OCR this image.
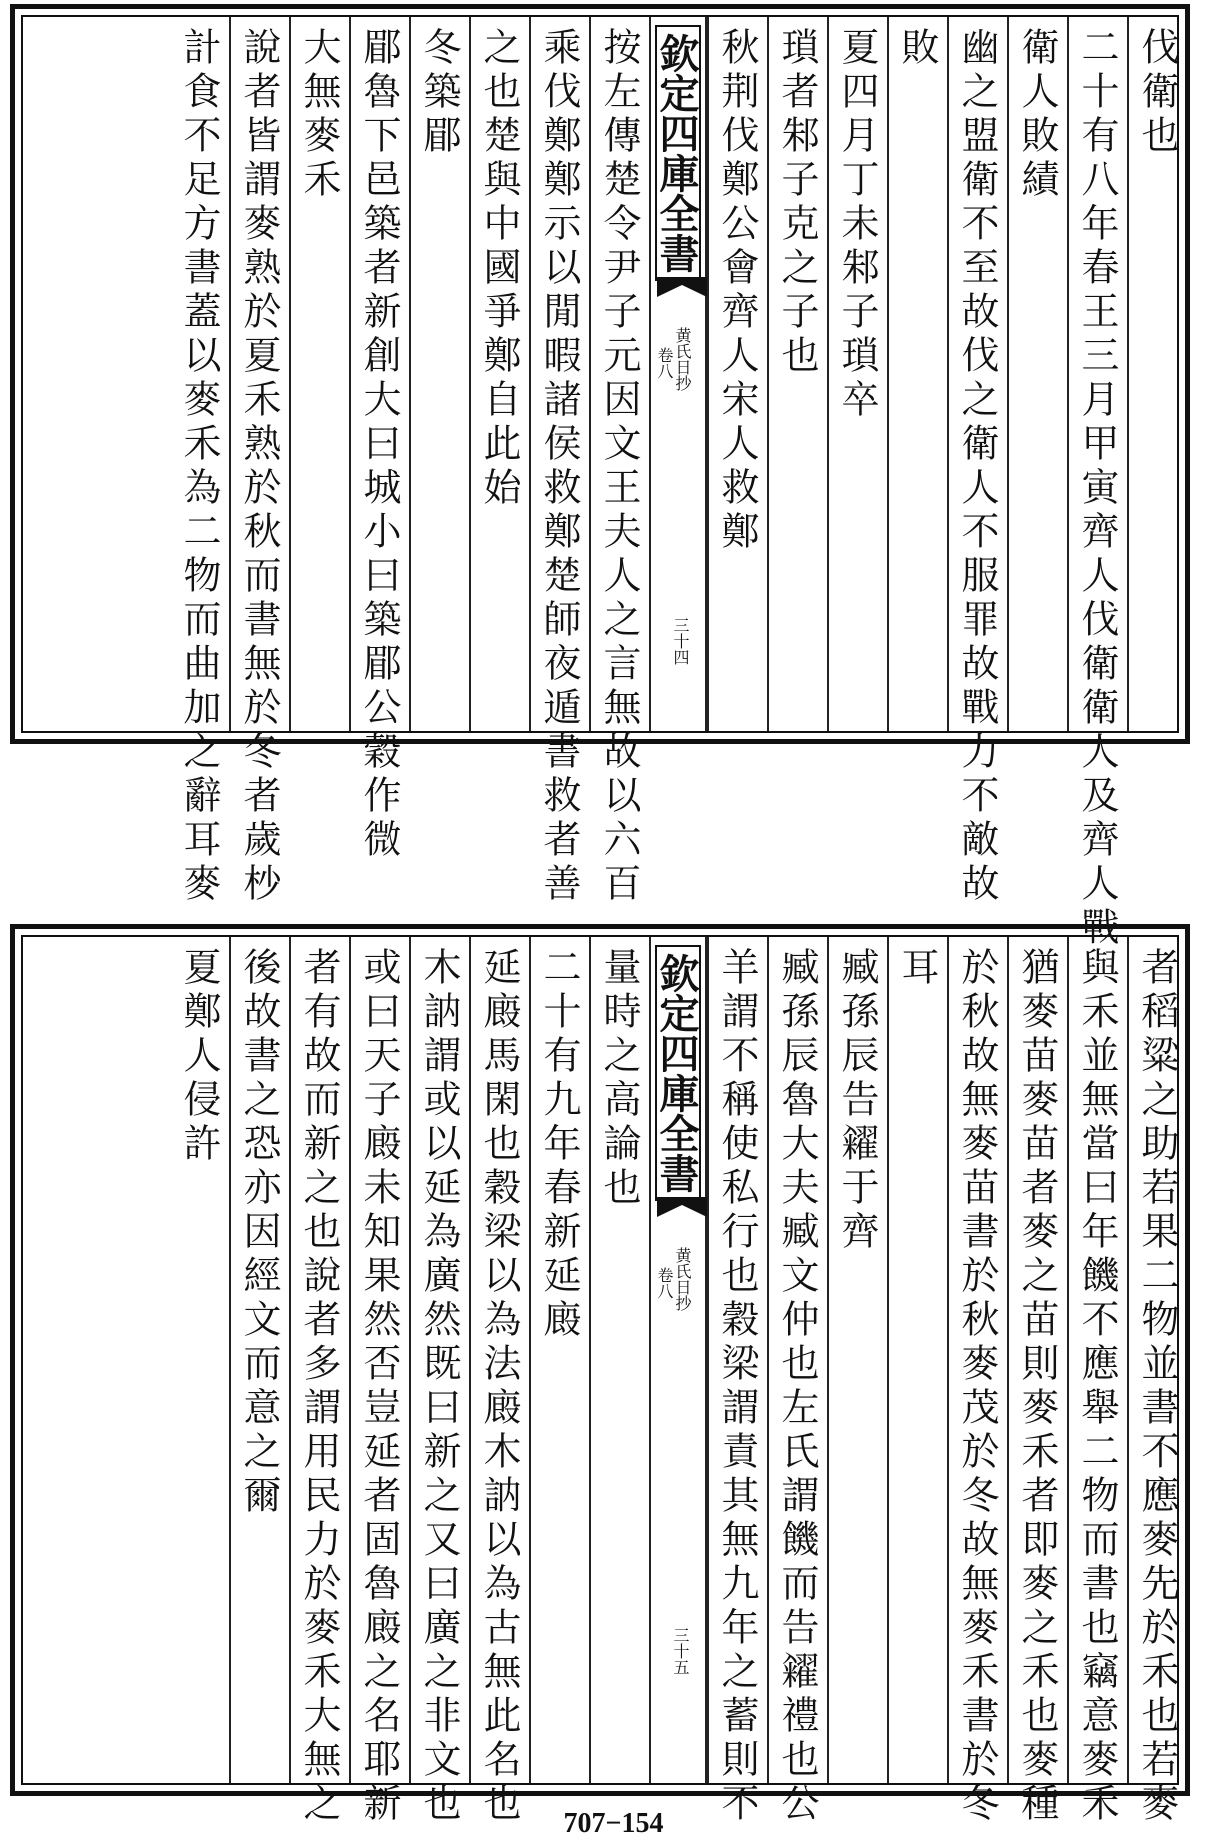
伐衛也
二十有八年春王三月甲寅齊人伐衛衛人及齊人戰
衛人敗績
幽之盟衛不至故伐之衛人不服罪故戰力不敵故
敗
夏四月丁未邾子瑣卒
瑣者邾子克之子也
秋荆伐鄭公會齊人宋人救鄭
欽定四庫全書
黄氏日抄
卷八
三十四
按左傳楚令尹子元因文王夫人之言無故以六百
乘伐鄭鄭示以閒暇諸侯救鄭楚師夜遁書救者善
之也楚與中國爭鄭自此始
冬築郿
郿魯下邑築者新創大曰城小曰築郿公穀作微
大無麥禾
說者皆謂麥熟於夏禾熟於秋而書無於冬者歲杪
計食不足方書蓋以麥禾為二物而曲加之辭耳麥
者稻粱之助若果二物並書不應麥先於禾也若麥
與禾並無當曰年饑不應舉二物而書也竊意麥禾
猶麥苗麥苗者麥之苗則麥禾者即麥之禾也麥種
於秋故無麥苗書於秋麥茂於冬故無麥禾書於冬
耳
臧孫辰告糴于齊
臧孫辰魯大夫臧文仲也左氏謂饑而告糴禮也公
羊謂不稱使私行也穀梁謂責其無九年之蓄則不
欽定四庫全書
黄氏日抄
卷八
三十五
量時之高論也
二十有九年春新延廄
延廄馬閑也穀梁以為法廄木訥以為古無此名也
木訥謂或以延為廣然既曰新之又曰廣之非文也
或曰天子廄未知果然否豈延者固魯廄之名耶新
者有故而新之也說者多謂用民力於麥禾大無之
後故書之恐亦因經文而意之爾
夏鄭人侵許
707−154
